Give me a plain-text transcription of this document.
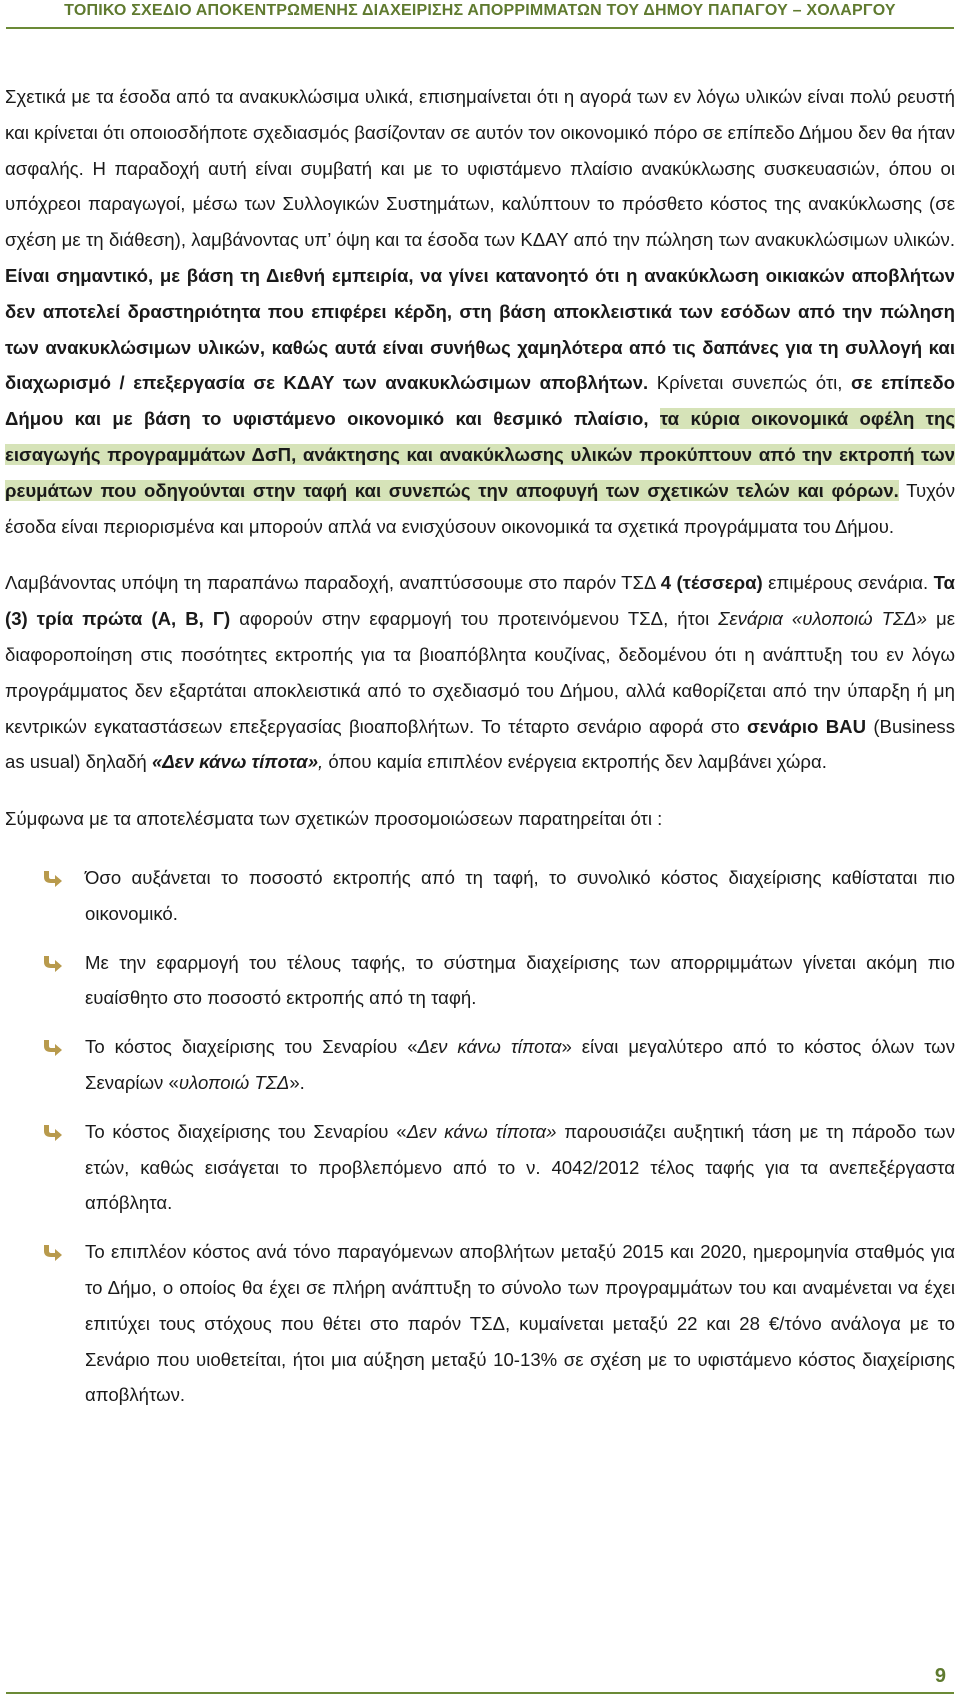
ΤΟΠΙΚΟ ΣΧΕΔΙΟ ΑΠΟΚΕΝΤΡΩΜΕΝΗΣ ΔΙΑΧΕΙΡΙΣΗΣ ΑΠΟΡΡΙΜΜΑΤΩΝ ΤΟΥ ΔΗΜΟΥ ΠΑΠΑΓΟΥ – ΧΟΛΑΡΓΟΥ

Σχετικά με τα έσοδα από τα ανακυκλώσιμα υλικά, επισημαίνεται ότι η αγορά των εν λόγω υλικών είναι πολύ ρευστή και κρίνεται ότι οποιοσδήποτε σχεδιασμός βασίζονταν σε αυτόν τον οικονομικό πόρο σε επίπεδο Δήμου δεν θα ήταν ασφαλής. Η παραδοχή αυτή είναι συμβατή και με το υφιστάμενο πλαίσιο ανακύκλωσης συσκευασιών, όπου οι υπόχρεοι παραγωγοί, μέσω των Συλλογικών Συστημάτων, καλύπτουν το πρόσθετο κόστος της ανακύκλωσης (σε σχέση με τη διάθεση), λαμβάνοντας υπ’ όψη και τα έσοδα των ΚΔΑΥ από την πώληση των ανακυκλώσιμων υλικών. Είναι σημαντικό, με βάση τη Διεθνή εμπειρία, να γίνει κατανοητό ότι η ανακύκλωση οικιακών αποβλήτων δεν αποτελεί δραστηριότητα που επιφέρει κέρδη, στη βάση αποκλειστικά των εσόδων από την πώληση των ανακυκλώσιμων υλικών, καθώς αυτά είναι συνήθως χαμηλότερα από τις δαπάνες για τη συλλογή και διαχωρισμό / επεξεργασία σε ΚΔΑΥ των ανακυκλώσιμων αποβλήτων. Κρίνεται συνεπώς ότι, σε επίπεδο Δήμου και με βάση το υφιστάμενο οικονομικό και θεσμικό πλαίσιο, τα κύρια οικονομικά οφέλη της εισαγωγής προγραμμάτων ΔσΠ, ανάκτησης και ανακύκλωσης υλικών προκύπτουν από την εκτροπή των ρευμάτων που οδηγούνται στην ταφή και συνεπώς την αποφυγή των σχετικών τελών και φόρων. Τυχόν έσοδα είναι περιορισμένα και μπορούν απλά να ενισχύσουν οικονομικά τα σχετικά προγράμματα του Δήμου.

Λαμβάνοντας υπόψη τη παραπάνω παραδοχή, αναπτύσσουμε στο παρόν ΤΣΔ 4 (τέσσερα) επιμέρους σενάρια. Τα (3) τρία πρώτα (Α, Β, Γ) αφορούν στην εφαρμογή του προτεινόμενου ΤΣΔ, ήτοι Σενάρια «υλοποιώ ΤΣΔ» με διαφοροποίηση στις ποσότητες εκτροπής για τα βιοαπόβλητα κουζίνας, δεδομένου ότι η ανάπτυξη του εν λόγω προγράμματος δεν εξαρτάται αποκλειστικά από το σχεδιασμό του Δήμου, αλλά καθορίζεται από την ύπαρξη ή μη κεντρικών εγκαταστάσεων επεξεργασίας βιοαποβλήτων. Το τέταρτο σενάριο αφορά στο σενάριο BAU (Business as usual) δηλαδή «Δεν κάνω τίποτα», όπου καμία επιπλέον ενέργεια εκτροπής δεν λαμβάνει χώρα.

Σύμφωνα με τα αποτελέσματα των σχετικών προσομοιώσεων παρατηρείται ότι :

Όσο αυξάνεται το ποσοστό εκτροπής από τη ταφή, το συνολικό κόστος διαχείρισης καθίσταται πιο οικονομικό.
Με την εφαρμογή του τέλους ταφής, το σύστημα διαχείρισης των απορριμμάτων γίνεται ακόμη πιο ευαίσθητο στο ποσοστό εκτροπής από τη ταφή.
Το κόστος διαχείρισης του Σεναρίου «Δεν κάνω τίποτα» είναι μεγαλύτερο από το κόστος όλων των Σεναρίων «υλοποιώ ΤΣΔ».
Το κόστος διαχείρισης του Σεναρίου «Δεν κάνω τίποτα» παρουσιάζει αυξητική τάση με τη πάροδο των ετών, καθώς εισάγεται το προβλεπόμενο από το ν. 4042/2012 τέλος ταφής για τα ανεπεξέργαστα απόβλητα.
Το επιπλέον κόστος ανά τόνο παραγόμενων αποβλήτων μεταξύ 2015 και 2020, ημερομηνία σταθμός για το Δήμο, ο οποίος θα έχει σε πλήρη ανάπτυξη το σύνολο των προγραμμάτων του και αναμένεται να έχει επιτύχει τους στόχους που θέτει στο παρόν ΤΣΔ, κυμαίνεται μεταξύ 22 και 28 €/τόνο ανάλογα με το Σενάριο που υιοθετείται, ήτοι μια αύξηση μεταξύ 10-13% σε σχέση με το υφιστάμενο κόστος διαχείρισης αποβλήτων.
9
